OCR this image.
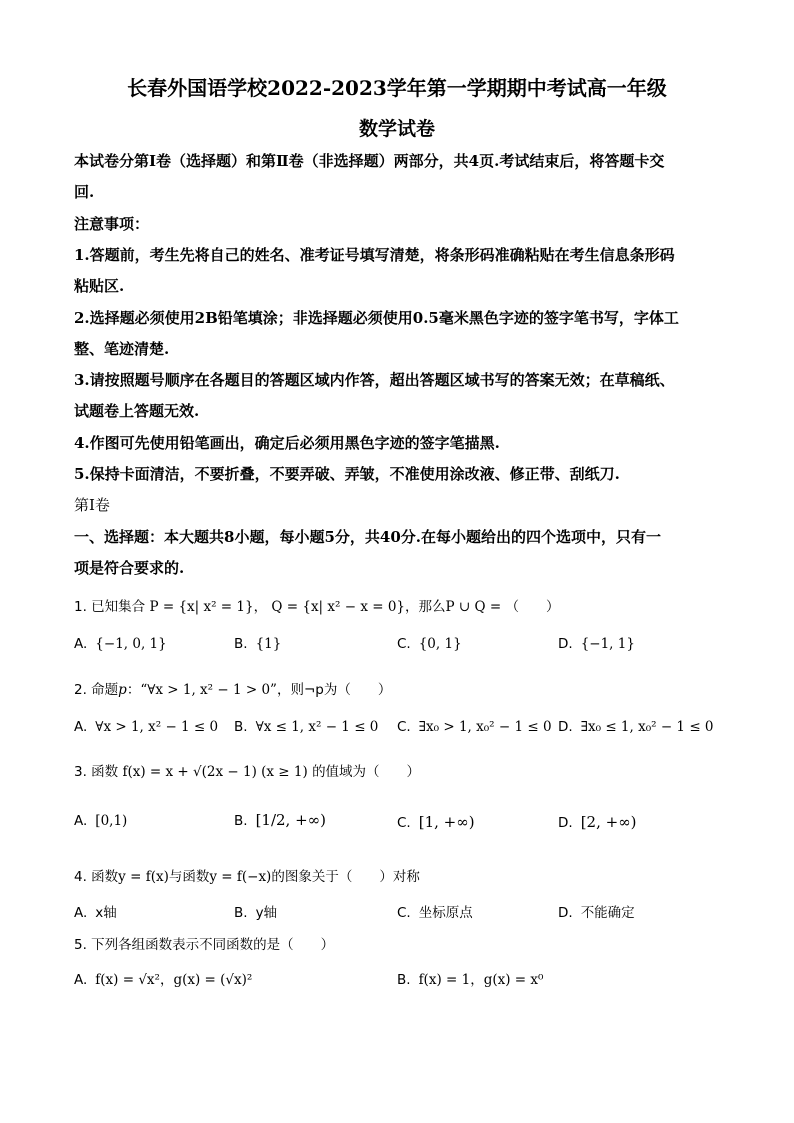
长春外国语学校2022-2023学年第一学期期中考试高一年级
数学试卷
本试卷分第Ⅰ卷（选择题）和第Ⅱ卷（非选择题）两部分，共4页.考试结束后，将答题卡交
回.
注意事项：
1.答题前，考生先将自己的姓名、准考证号填写清楚，将条形码准确粘贴在考生信息条形码
粘贴区.
2.选择题必须使用2B铅笔填涂；非选择题必须使用0.5毫米黑色字迹的签字笔书写，字体工
整、笔迹清楚.
3.请按照题号顺序在各题目的答题区域内作答，超出答题区域书写的答案无效；在草稿纸、
试题卷上答题无效.
4.作图可先使用铅笔画出，确定后必须用黑色字迹的签字笔描黑.
5.保持卡面清洁，不要折叠，不要弄破、弄皱，不准使用涂改液、修正带、刮纸刀.
第Ⅰ卷
一、选择题：本大题共8小题，每小题5分，共40分.在每小题给出的四个选项中，只有一
项是符合要求的.
1. 已知集合 P = {x| x² = 1}， Q = {x| x² − x = 0}，那么P ∪ Q = （　　）
A. {−1, 0, 1}	B. {1}	C. {0, 1}	D. {−1, 1}
2. 命题p：“∀x > 1, x² − 1 > 0”，则¬p为（　　）
A. ∀x > 1, x² − 1 ≤ 0 B. ∀x ≤ 1, x² − 1 ≤ 0 C. ∃x₀ > 1, x₀² − 1 ≤ 0 D. ∃x₀ ≤ 1, x₀² − 1 ≤ 0
3. 函数 f(x) = x + √(2x − 1) (x ≥ 1) 的值域为（　　）
A. [0,1)	B. [1/2, +∞)	C. [1, +∞)	D. [2, +∞)
4. 函数y = f(x)与函数y = f(−x)的图象关于（　　）对称
A. x轴	B. y轴	C. 坐标原点	D. 不能确定
5. 下列各组函数表示不同函数的是（　　）
A. f(x) = √x²，g(x) = (√x)²	B. f(x) = 1，g(x) = x⁰
